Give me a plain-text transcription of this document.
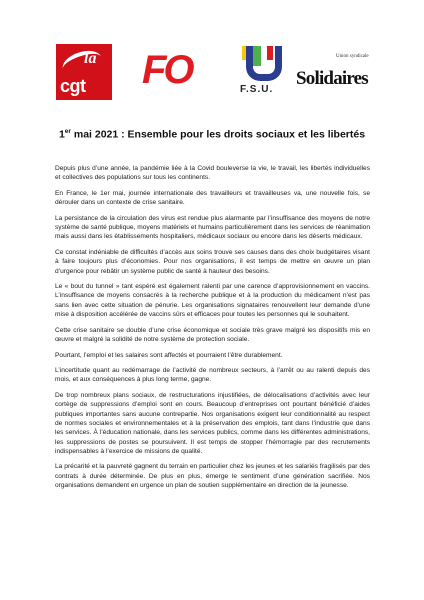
la
cgt FO	F.S.U.
Union syndicale
Solidaires
1er mai 2021 : Ensemble pour les droits sociaux et les libertés

Depuis plus d’une année, la pandémie liée à la Covid bouleverse la vie, le travail, les libertés individuelles et collectives des populations sur tous les continents.

En France, le 1er mai, journée internationale des travailleurs et travailleuses va, une nouvelle fois, se dérouler dans un contexte de crise sanitaire.

La persistance de la circulation des virus est rendue plus alarmante par l’insuffisance des moyens de notre système de santé publique, moyens matériels et humains particulièrement dans les services de réanimation mais aussi dans les établissements hospitaliers, médicaux sociaux ou encore dans les déserts médicaux.

Ce constat indéniable de difficultés d’accès aux soins trouve ses causes dans des choix budgétaires visant à faire toujours plus d’économies. Pour nos organisations, il est temps de mettre en œuvre un plan d’urgence pour rebâtir un système public de santé à hauteur des besoins.

Le « bout du tunnel » tant espéré est également ralenti par une carence d’approvisionnement en vaccins. L’insuffisance de moyens consacrés à la recherche publique et à la production du médicament n’est pas sans lien avec cette situation de pénurie. Les organisations signataires renouvellent leur demande d’une mise à disposition accélérée de vaccins sûrs et efficaces pour toutes les personnes qui le souhaitent.

Cette crise sanitaire se double d’une crise économique et sociale très grave malgré les dispositifs mis en œuvre et malgré la solidité de notre système de protection sociale.

Pourtant, l’emploi et les salaires sont affectés et pourraient l’être durablement.

L’incertitude quant au redémarrage de l’activité de nombreux secteurs, à l’arrêt ou au ralenti depuis des mois, et aux conséquences à plus long terme, gagne.

De trop nombreux plans sociaux, de restructurations injustifiées, de délocalisations d’activités avec leur cortège de suppressions d’emploi sont en cours. Beaucoup d’entreprises ont pourtant bénéficié d’aides publiques importantes sans aucune contrepartie. Nos organisations exigent leur conditionnalité au respect de normes sociales et environnementales et à la préservation des emplois, tant dans l’industrie que dans les services. À l’éducation nationale, dans les services publics, comme dans les différentes administrations, les suppressions de postes se poursuivent. Il est temps de stopper l’hémorragie par des recrutements indispensables à l’exercice de missions de qualité.

La précarité et la pauvreté gagnent du terrain en particulier chez les jeunes et les salariés fragilisés par des contrats à durée déterminée. De plus en plus, émerge le sentiment d’une génération sacrifiée. Nos organisations demandent en urgence un plan de soutien supplémentaire en direction de la jeunesse.
